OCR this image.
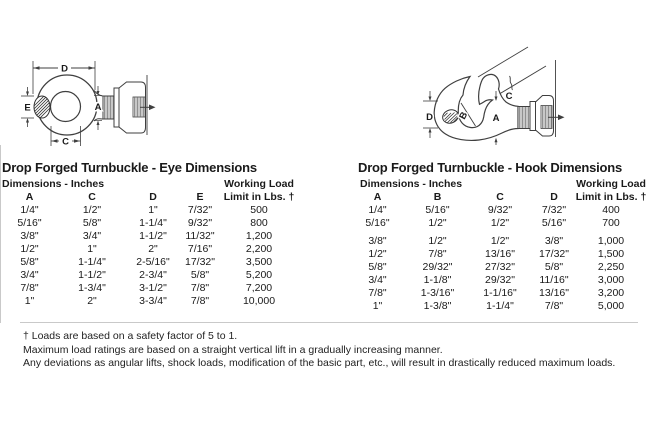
D
E	A
C
D	B
C
A
Drop Forged Turnbuckle - Eye Dimensions
Dimensions - Inches	Working Load
A	C	D	E	Limit in Lbs. †
1/4"	1/2"	1"	7/32"	500
5/16"	5/8"	1-1/4"	9/32"	800
3/8"	3/4"	1-1/2"	11/32"	1,200
1/2"	1"	2"	7/16"	2,200
5/8"	1-1/4"	2-5/16"	17/32"	3,500
3/4"	1-1/2"	2-3/4"	5/8"	5,200
7/8"	1-3/4"	3-1/2"	7/8"	7,200
1"	2"	3-3/4"	7/8"	10,000
Drop Forged Turnbuckle - Hook Dimensions
Dimensions - Inches	Working Load
A	B	C	D	Limit in Lbs. †
1/4"	5/16"	9/32"	7/32"	400
5/16"	1/2"	1/2"	5/16"	700
3/8"	1/2"	1/2"	3/8"	1,000
1/2"	7/8"	13/16"	17/32"	1,500
5/8"	29/32"	27/32"	5/8"	2,250
3/4"	1-1/8"	29/32"	11/16"	3,000
7/8"	1-3/16"	1-1/16"	13/16"	3,200
1"	1-3/8"	1-1/4"	7/8"	5,000
† Loads are based on a safety factor of 5 to 1.
Maximum load ratings are based on a straight vertical lift in a gradually increasing manner.
Any deviations as angular lifts, shock loads, modification of the basic part, etc., will result in drastically reduced maximum loads.
